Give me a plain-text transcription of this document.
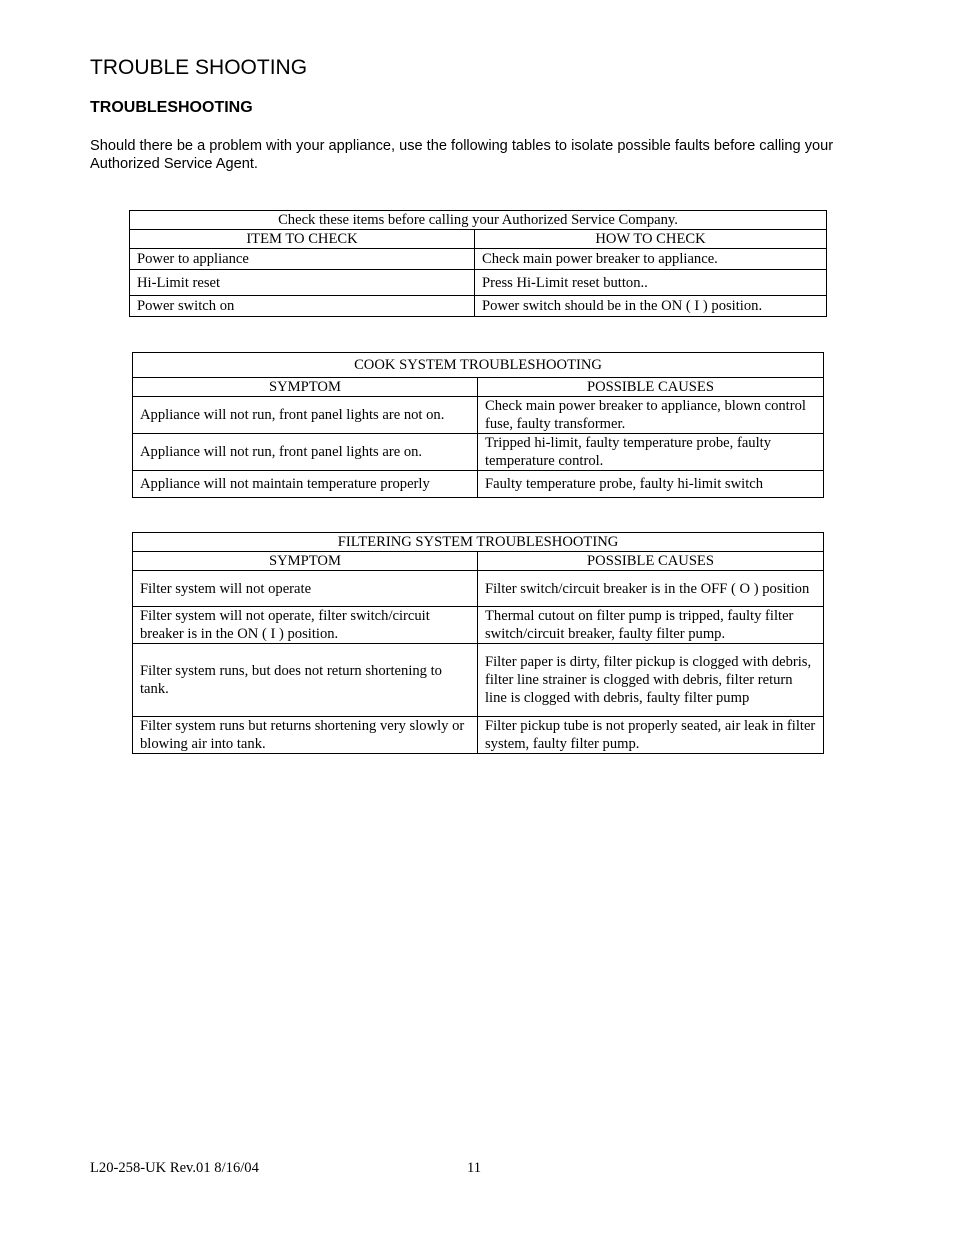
TROUBLE SHOOTING
TROUBLESHOOTING

Should there be a problem with your appliance, use the following tables to isolate possible faults before calling your Authorized Service Agent.

Check these items before calling your Authorized Service Company.	
ITEM TO CHECK	HOW TO CHECK
Power to appliance	Check main power breaker to appliance.
Hi-Limit reset	Press Hi-Limit reset button..
Power switch on	Power switch should be in the ON ( I ) position.
COOK SYSTEM TROUBLESHOOTING	
SYMPTOM	POSSIBLE CAUSES
Appliance will not run, front panel lights are not on.	Check main power breaker to appliance, blown control fuse, faulty transformer.
Appliance will not run, front panel lights are on.	Tripped hi-limit, faulty temperature probe, faulty temperature control.
Appliance will not maintain temperature properly	Faulty temperature probe, faulty hi-limit switch
FILTERING SYSTEM TROUBLESHOOTING	
SYMPTOM	POSSIBLE CAUSES
Filter system will not operate	Filter switch/circuit breaker is in the OFF ( O ) position
Filter system will not operate, filter switch/circuit breaker is in the ON ( I ) position.	Thermal cutout on filter pump is tripped, faulty filter switch/circuit breaker, faulty filter pump.
Filter system runs, but does not return shortening to tank.	Filter paper is dirty, filter pickup is clogged with debris, filter line strainer is clogged with debris, filter return line is clogged with debris, faulty filter pump
Filter system runs but returns shortening very slowly or blowing air into tank.	Filter pickup tube is not properly seated, air leak in filter system, faulty filter pump.
L20-258-UK Rev.01 8/16/04	11
